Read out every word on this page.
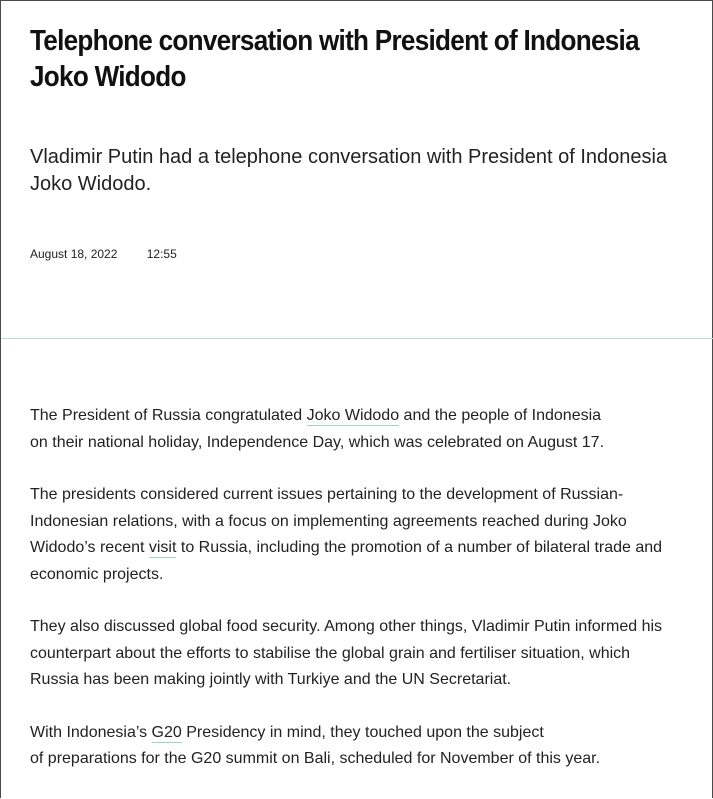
Telephone conversation with President of Indonesia Joko Widodo

Vladimir Putin had a telephone conversation with President of Indonesia Joko Widodo.

August 18, 2022 12:55

The President of Russia congratulated Joko Widodo and the people of Indonesia
on their national holiday, Independence Day, which was celebrated on August 17.

The presidents considered current issues pertaining to the development of Russian-Indonesian relations, with a focus on implementing agreements reached during Joko Widodo’s recent visit to Russia, including the promotion of a number of bilateral trade and economic projects.

They also discussed global food security. Among other things, Vladimir Putin informed his counterpart about the efforts to stabilise the global grain and fertiliser situation, which Russia has been making jointly with Turkiye and the UN Secretariat.

With Indonesia’s G20 Presidency in mind, they touched upon the subject
of preparations for the G20 summit on Bali, scheduled for November of this year.
